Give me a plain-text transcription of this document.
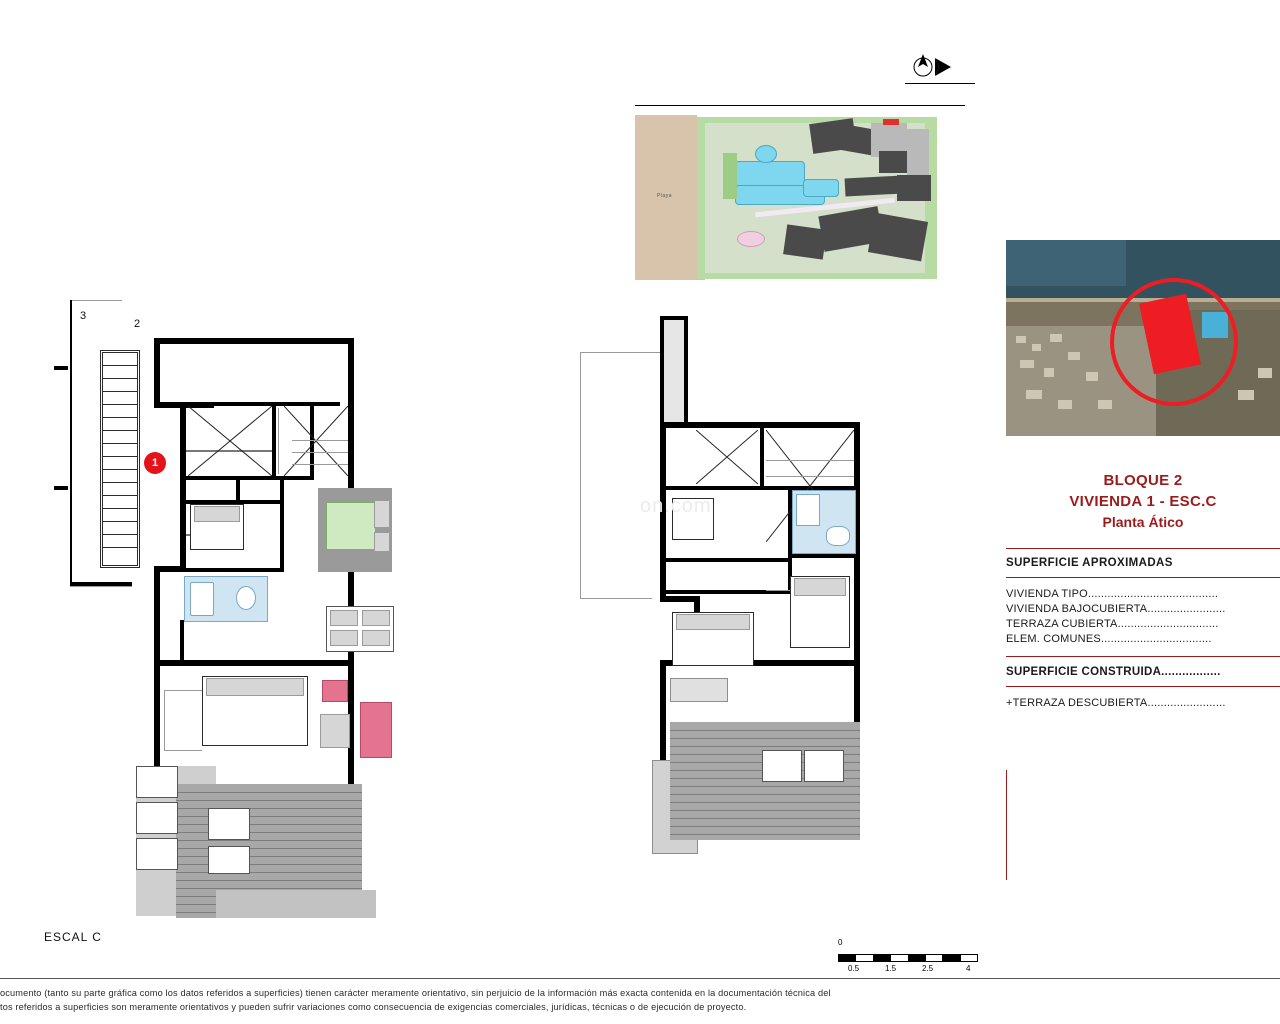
Playa
3
2
1
on.com
ESCAL C
BLOQUE 2
VIVIENDA 1 - ESC.C
Planta Ático
SUPERFICIE APROXIMADAS
VIVIENDA TIPO........................................
VIVIENDA BAJOCUBIERTA........................
TERRAZA CUBIERTA...............................
ELEM. COMUNES..................................
SUPERFICIE CONSTRUIDA.................
+TERRAZA DESCUBIERTA........................
0
0.5	1.5	2.5	4
ocumento (tanto su parte gráfica como los datos referidos a superficies) tienen carácter meramente orientativo, sin perjuicio de la información más exacta contenida en la documentación técnica del
tos referidos a superficies son meramente orientativos y pueden sufrir variaciones como consecuencia de exigencias comerciales, jurídicas, técnicas o de ejecución de proyecto.
